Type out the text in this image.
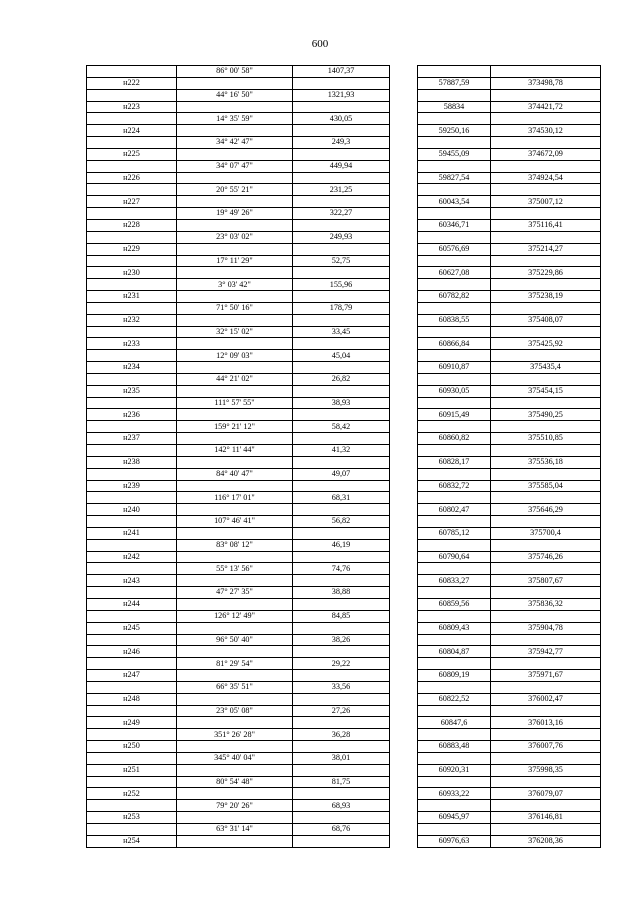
600
	86° 00' 58"	1407,37			
н222				57887,59	373498,78
	44° 16' 50"	1321,93			
н223				58834	374421,72
	14° 35' 59"	430,05			
н224				59250,16	374530,12
	34° 42' 47"	249,3			
н225				59455,09	374672,09
	34° 07' 47"	449,94			
н226				59827,54	374924,54
	20° 55' 21"	231,25			
н227				60043,54	375007,12
	19° 49' 26"	322,27			
н228				60346,71	375116,41
	23° 03' 02"	249,93			
н229				60576,69	375214,27
	17° 11' 29"	52,75			
н230				60627,08	375229,86
	3° 03' 42"	155,96			
н231				60782,82	375238,19
	71° 50' 16"	178,79			
н232				60838,55	375408,07
	32° 15' 02"	33,45			
н233				60866,84	375425,92
	12° 09' 03"	45,04			
н234				60910,87	375435,4
	44° 21' 02"	26,82			
н235				60930,05	375454,15
	111° 57' 55"	38,93			
н236				60915,49	375490,25
	159° 21' 12"	58,42			
н237				60860,82	375510,85
	142° 11' 44"	41,32			
н238				60828,17	375536,18
	84° 40' 47"	49,07			
н239				60832,72	375585,04
	116° 17' 01"	68,31			
н240				60802,47	375646,29
	107° 46' 41"	56,82			
н241				60785,12	375700,4
	83° 08' 12"	46,19			
н242				60790,64	375746,26
	55° 13' 56"	74,76			
н243				60833,27	375807,67
	47° 27' 35"	38,88			
н244				60859,56	375836,32
	126° 12' 49"	84,85			
н245				60809,43	375904,78
	96° 50' 40"	38,26			
н246				60804,87	375942,77
	81° 29' 54"	29,22			
н247				60809,19	375971,67
	66° 35' 51"	33,56			
н248				60822,52	376002,47
	23° 05' 08"	27,26			
н249				60847,6	376013,16
	351° 26' 28"	36,28			
н250				60883,48	376007,76
	345° 40' 04"	38,01			
н251				60920,31	375998,35
	80° 54' 48"	81,75			
н252				60933,22	376079,07
	79° 20' 26"	68,93			
н253				60945,97	376146,81
	63° 31' 14"	68,76			
н254				60976,63	376208,36
